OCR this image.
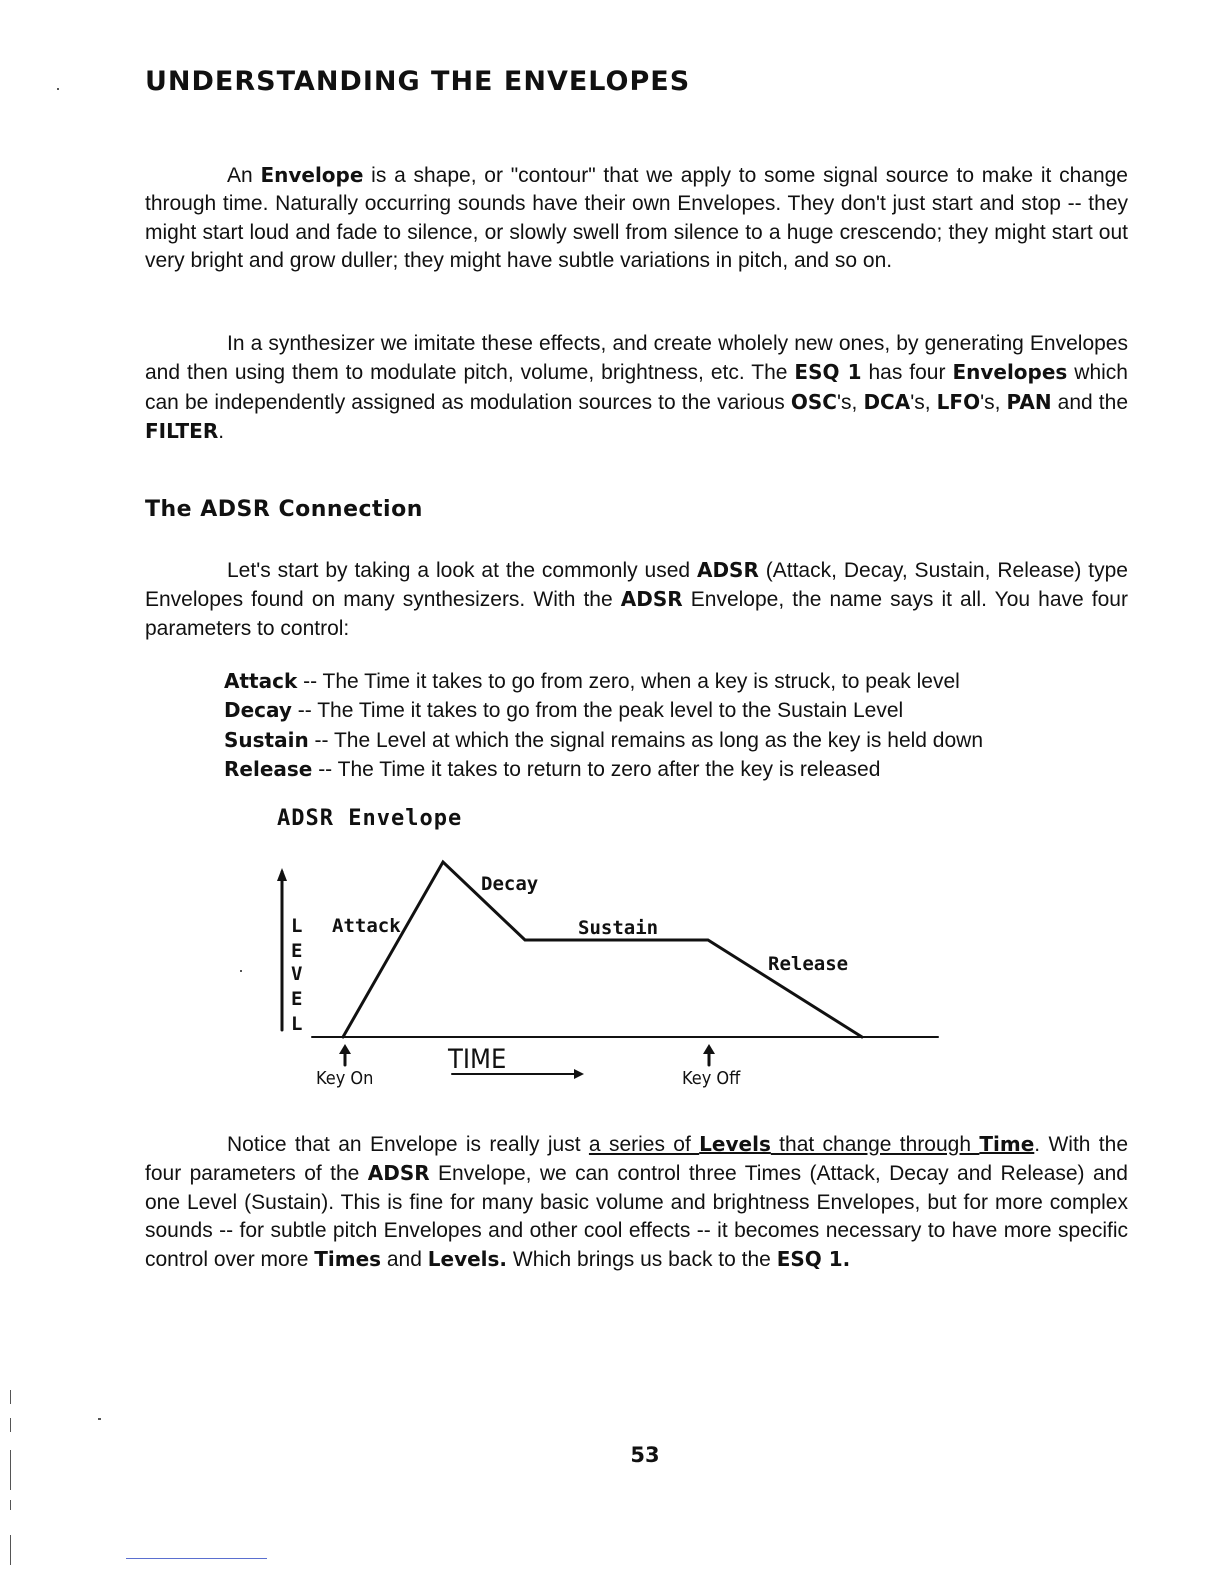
UNDERSTANDING THE ENVELOPES

An Envelope is a shape, or "contour" that we apply to some signal source to make it change through time. Naturally occurring sounds have their own Envelopes. They don't just start and stop -- they might start loud and fade to silence, or slowly swell from silence to a huge crescendo; they might start out very bright and grow duller; they might have subtle variations in pitch, and so on.

In a synthesizer we imitate these effects, and create wholely new ones, by generating Envelopes and then using them to modulate pitch, volume, brightness, etc. The ESQ 1 has four Envelopes which can be independently assigned as modulation sources to the various OSC's, DCA's, LFO's, PAN and the FILTER.

The ADSR Connection

Let's start by taking a look at the commonly used ADSR (Attack, Decay, Sustain, Release) type Envelopes found on many synthesizers. With the ADSR Envelope, the name says it all. You have four parameters to control:

Attack -- The Time it takes to go from zero, when a key is struck, to peak level
Decay -- The Time it takes to go from the peak level to the Sustain Level
Sustain -- The Level at which the signal remains as long as the key is held down
Release -- The Time it takes to return to zero after the key is released
ADSR Envelope
L
E
V
E
L
Attack
Decay
Sustain
Release
TIME
Key On	Key Off

Notice that an Envelope is really just a series of Levels that change through Time. With the four parameters of the ADSR Envelope, we can control three Times (Attack, Decay and Release) and one Level (Sustain). This is fine for many basic volume and brightness Envelopes, but for more complex sounds -- for subtle pitch Envelopes and other cool effects -- it becomes necessary to have more specific control over more Times and Levels. Which brings us back to the ESQ 1.

53
